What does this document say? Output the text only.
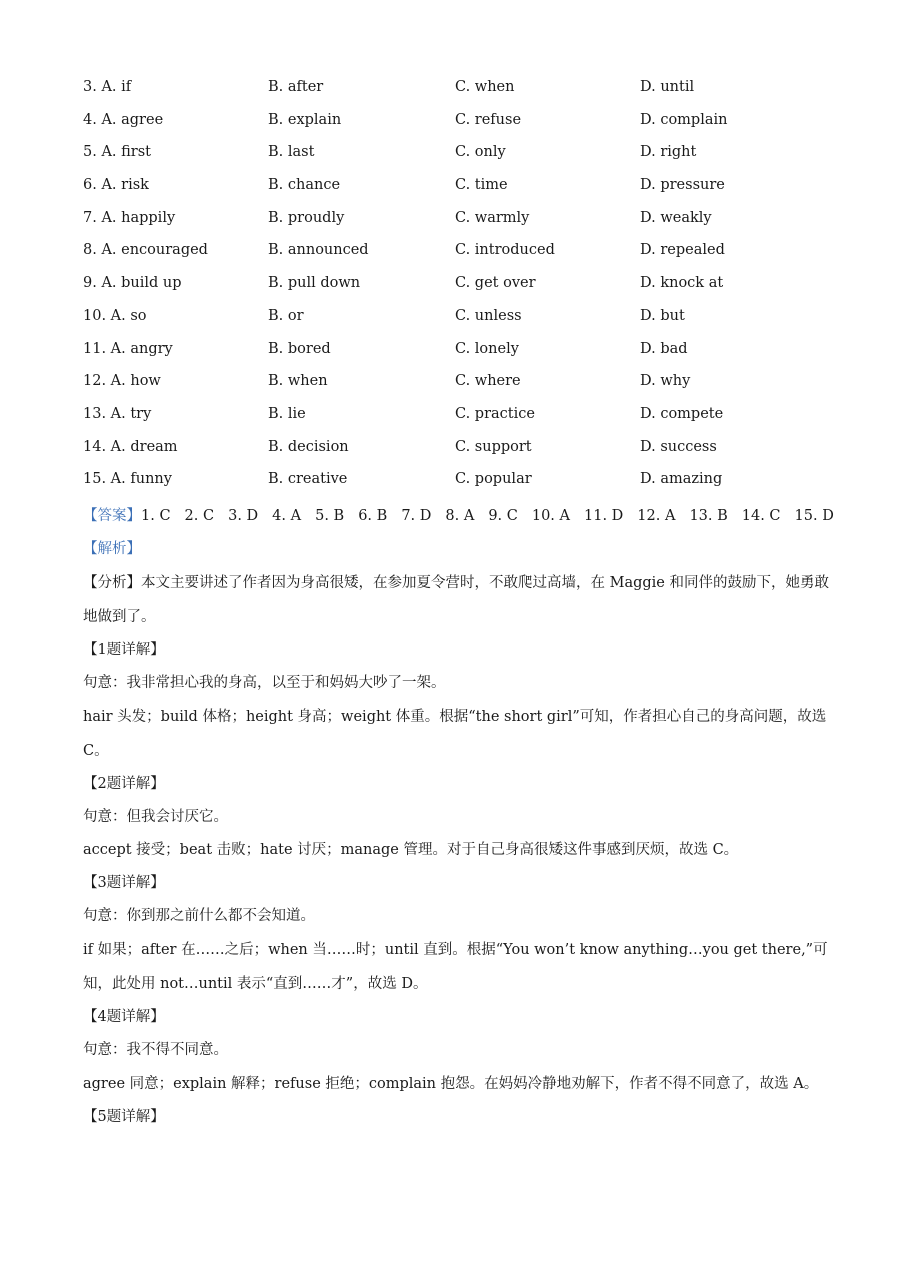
3. A. if	B. after	C. when	D. until
4. A. agree	B. explain	C. refuse	D. complain
5. A. first	B. last	C. only	D. right
6. A. risk	B. chance	C. time	D. pressure
7. A. happily	B. proudly	C. warmly	D. weakly
8. A. encouraged	B. announced	C. introduced	D. repealed
9. A. build up	B. pull down	C. get over	D. knock at
10. A. so	B. or	C. unless	D. but
11. A. angry	B. bored	C. lonely	D. bad
12. A. how	B. when	C. where	D. why
13. A. try	B. lie	C. practice	D. compete
14. A. dream	B. decision	C. support	D. success
15. A. funny	B. creative	C. popular	D. amazing
【答案】1. C 2. C 3. D 4. A 5. B 6. B 7. D 8. A 9. C 10. A 11. D 12. A 13. B 14. C 15. D
【解析】
【分析】本文主要讲述了作者因为身高很矮，在参加夏令营时，不敢爬过高墙，在 Maggie 和同伴的鼓励下，她勇敢地做到了。
【1题详解】
句意：我非常担心我的身高，以至于和妈妈大吵了一架。
hair 头发；build 体格；height 身高；weight 体重。根据“the short girl”可知，作者担心自己的身高问题，故选 C。
【2题详解】
句意：但我会讨厌它。
accept 接受；beat 击败；hate 讨厌；manage 管理。对于自己身高很矮这件事感到厌烦，故选 C。
【3题详解】
句意：你到那之前什么都不会知道。
if 如果；after 在……之后；when 当……时；until 直到。根据“You won’t know anything…you get there,”可知，此处用 not…until 表示“直到……才”，故选 D。
【4题详解】
句意：我不得不同意。
agree 同意；explain 解释；refuse 拒绝；complain 抱怨。在妈妈冷静地劝解下，作者不得不同意了，故选 A。
【5题详解】
